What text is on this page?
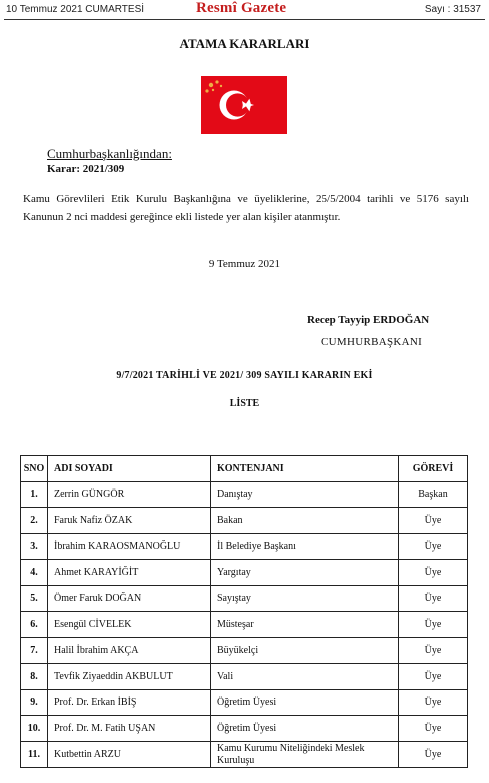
10 Temmuz 2021 CUMARTESİ	Resmî Gazete	Sayı : 31537
ATAMA KARARLARI
Cumhurbaşkanlığından:
Karar: 2021/309
Kamu Görevlileri Etik Kurulu Başkanlığına ve üyeliklerine, 25/5/2004 tarihli ve 5176 sayılı Kanunun 2 nci maddesi gereğince ekli listede yer alan kişiler atanmıştır.
9 Temmuz 2021
Recep Tayyip ERDOĞAN
CUMHURBAŞKANI
9/7/2021 TARİHLİ VE 2021/ 309 SAYILI KARARIN EKİ
LİSTE
SNO	ADI SOYADI	KONTENJANI	GÖREVİ
1.	Zerrin GÜNGÖR	Danıştay	Başkan
2.	Faruk Nafiz ÖZAK	Bakan	Üye
3.	İbrahim KARAOSMANOĞLU	İl Belediye Başkanı	Üye
4.	Ahmet KARAYİĞİT	Yargıtay	Üye
5.	Ömer Faruk DOĞAN	Sayıştay	Üye
6.	Esengül CİVELEK	Müsteşar	Üye
7.	Halil İbrahim AKÇA	Büyükelçi	Üye
8.	Tevfik Ziyaeddin AKBULUT	Vali	Üye
9.	Prof. Dr. Erkan İBİŞ	Öğretim Üyesi	Üye
10.	Prof. Dr. M. Fatih UŞAN	Öğretim Üyesi	Üye
11.	Kutbettin ARZU	Kamu Kurumu Niteliğindeki Meslek Kuruluşu	Üye
